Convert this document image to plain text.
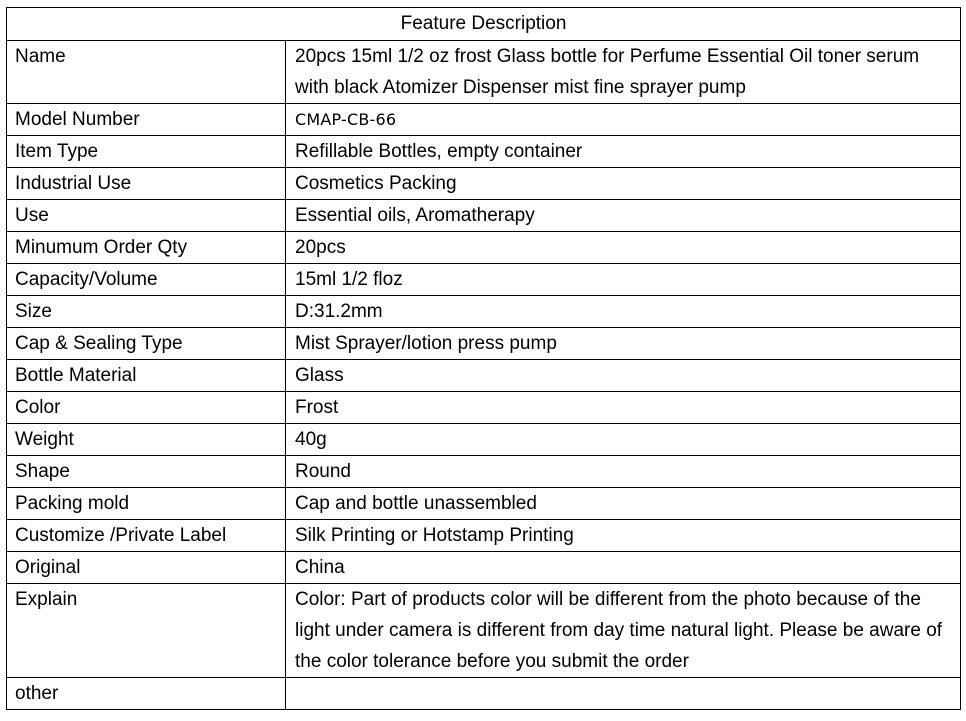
Feature Description	
Name	20pcs 15ml 1/2 oz frost Glass bottle for Perfume Essential Oil toner serum with black Atomizer Dispenser mist fine sprayer pump
Model Number	CMAP-CB-66
Item Type	Refillable Bottles, empty container
Industrial Use	Cosmetics Packing
Use	Essential oils, Aromatherapy
Minumum Order Qty	20pcs
Capacity/Volume	15ml 1/2 floz
Size	D:31.2mm
Cap & Sealing Type	Mist Sprayer/lotion press pump
Bottle Material	Glass
Color	Frost
Weight	40g
Shape	Round
Packing mold	Cap and bottle unassembled
Customize /Private Label	Silk Printing or Hotstamp Printing
Original	China
Explain	Color: Part of products color will be different from the photo because of the light under camera is different from day time natural light. Please be aware of the color tolerance before you submit the order
other	
